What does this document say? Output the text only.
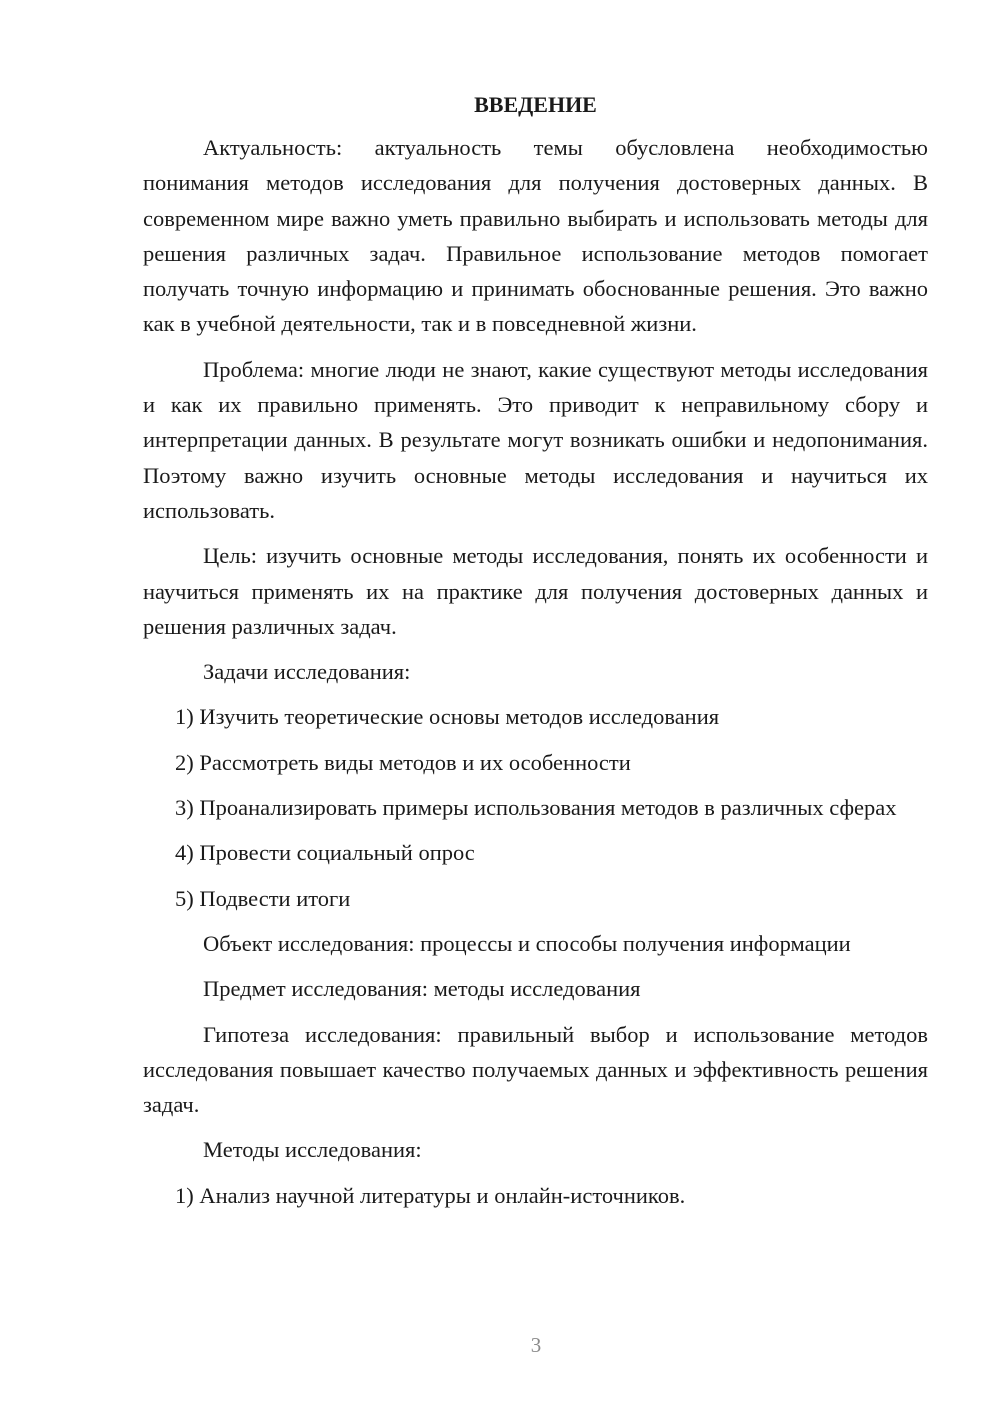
ВВЕДЕНИЕ
Актуальность: актуальность темы обусловлена необходимостью понимания методов исследования для получения достоверных данных. В современном мире важно уметь правильно выбирать и использовать методы для решения различных задач. Правильное использование методов помогает получать точную информацию и принимать обоснованные решения. Это важно как в учебной деятельности, так и в повседневной жизни.
Проблема: многие люди не знают, какие существуют методы исследования и как их правильно применять. Это приводит к неправильному сбору и интерпретации данных. В результате могут возникать ошибки и недопонимания. Поэтому важно изучить основные методы исследования и научиться их использовать.
Цель: изучить основные методы исследования, понять их особенности и научиться применять их на практике для получения достоверных данных и решения различных задач.
Задачи исследования:
1) Изучить теоретические основы методов исследования
2) Рассмотреть виды методов и их особенности
3) Проанализировать примеры использования методов в различных сферах
4) Провести социальный опрос
5) Подвести итоги
Объект исследования: процессы и способы получения информации
Предмет исследования: методы исследования
Гипотеза исследования: правильный выбор и использование методов исследования повышает качество получаемых данных и эффективность решения задач.
Методы исследования:
1) Анализ научной литературы и онлайн-источников.
3
